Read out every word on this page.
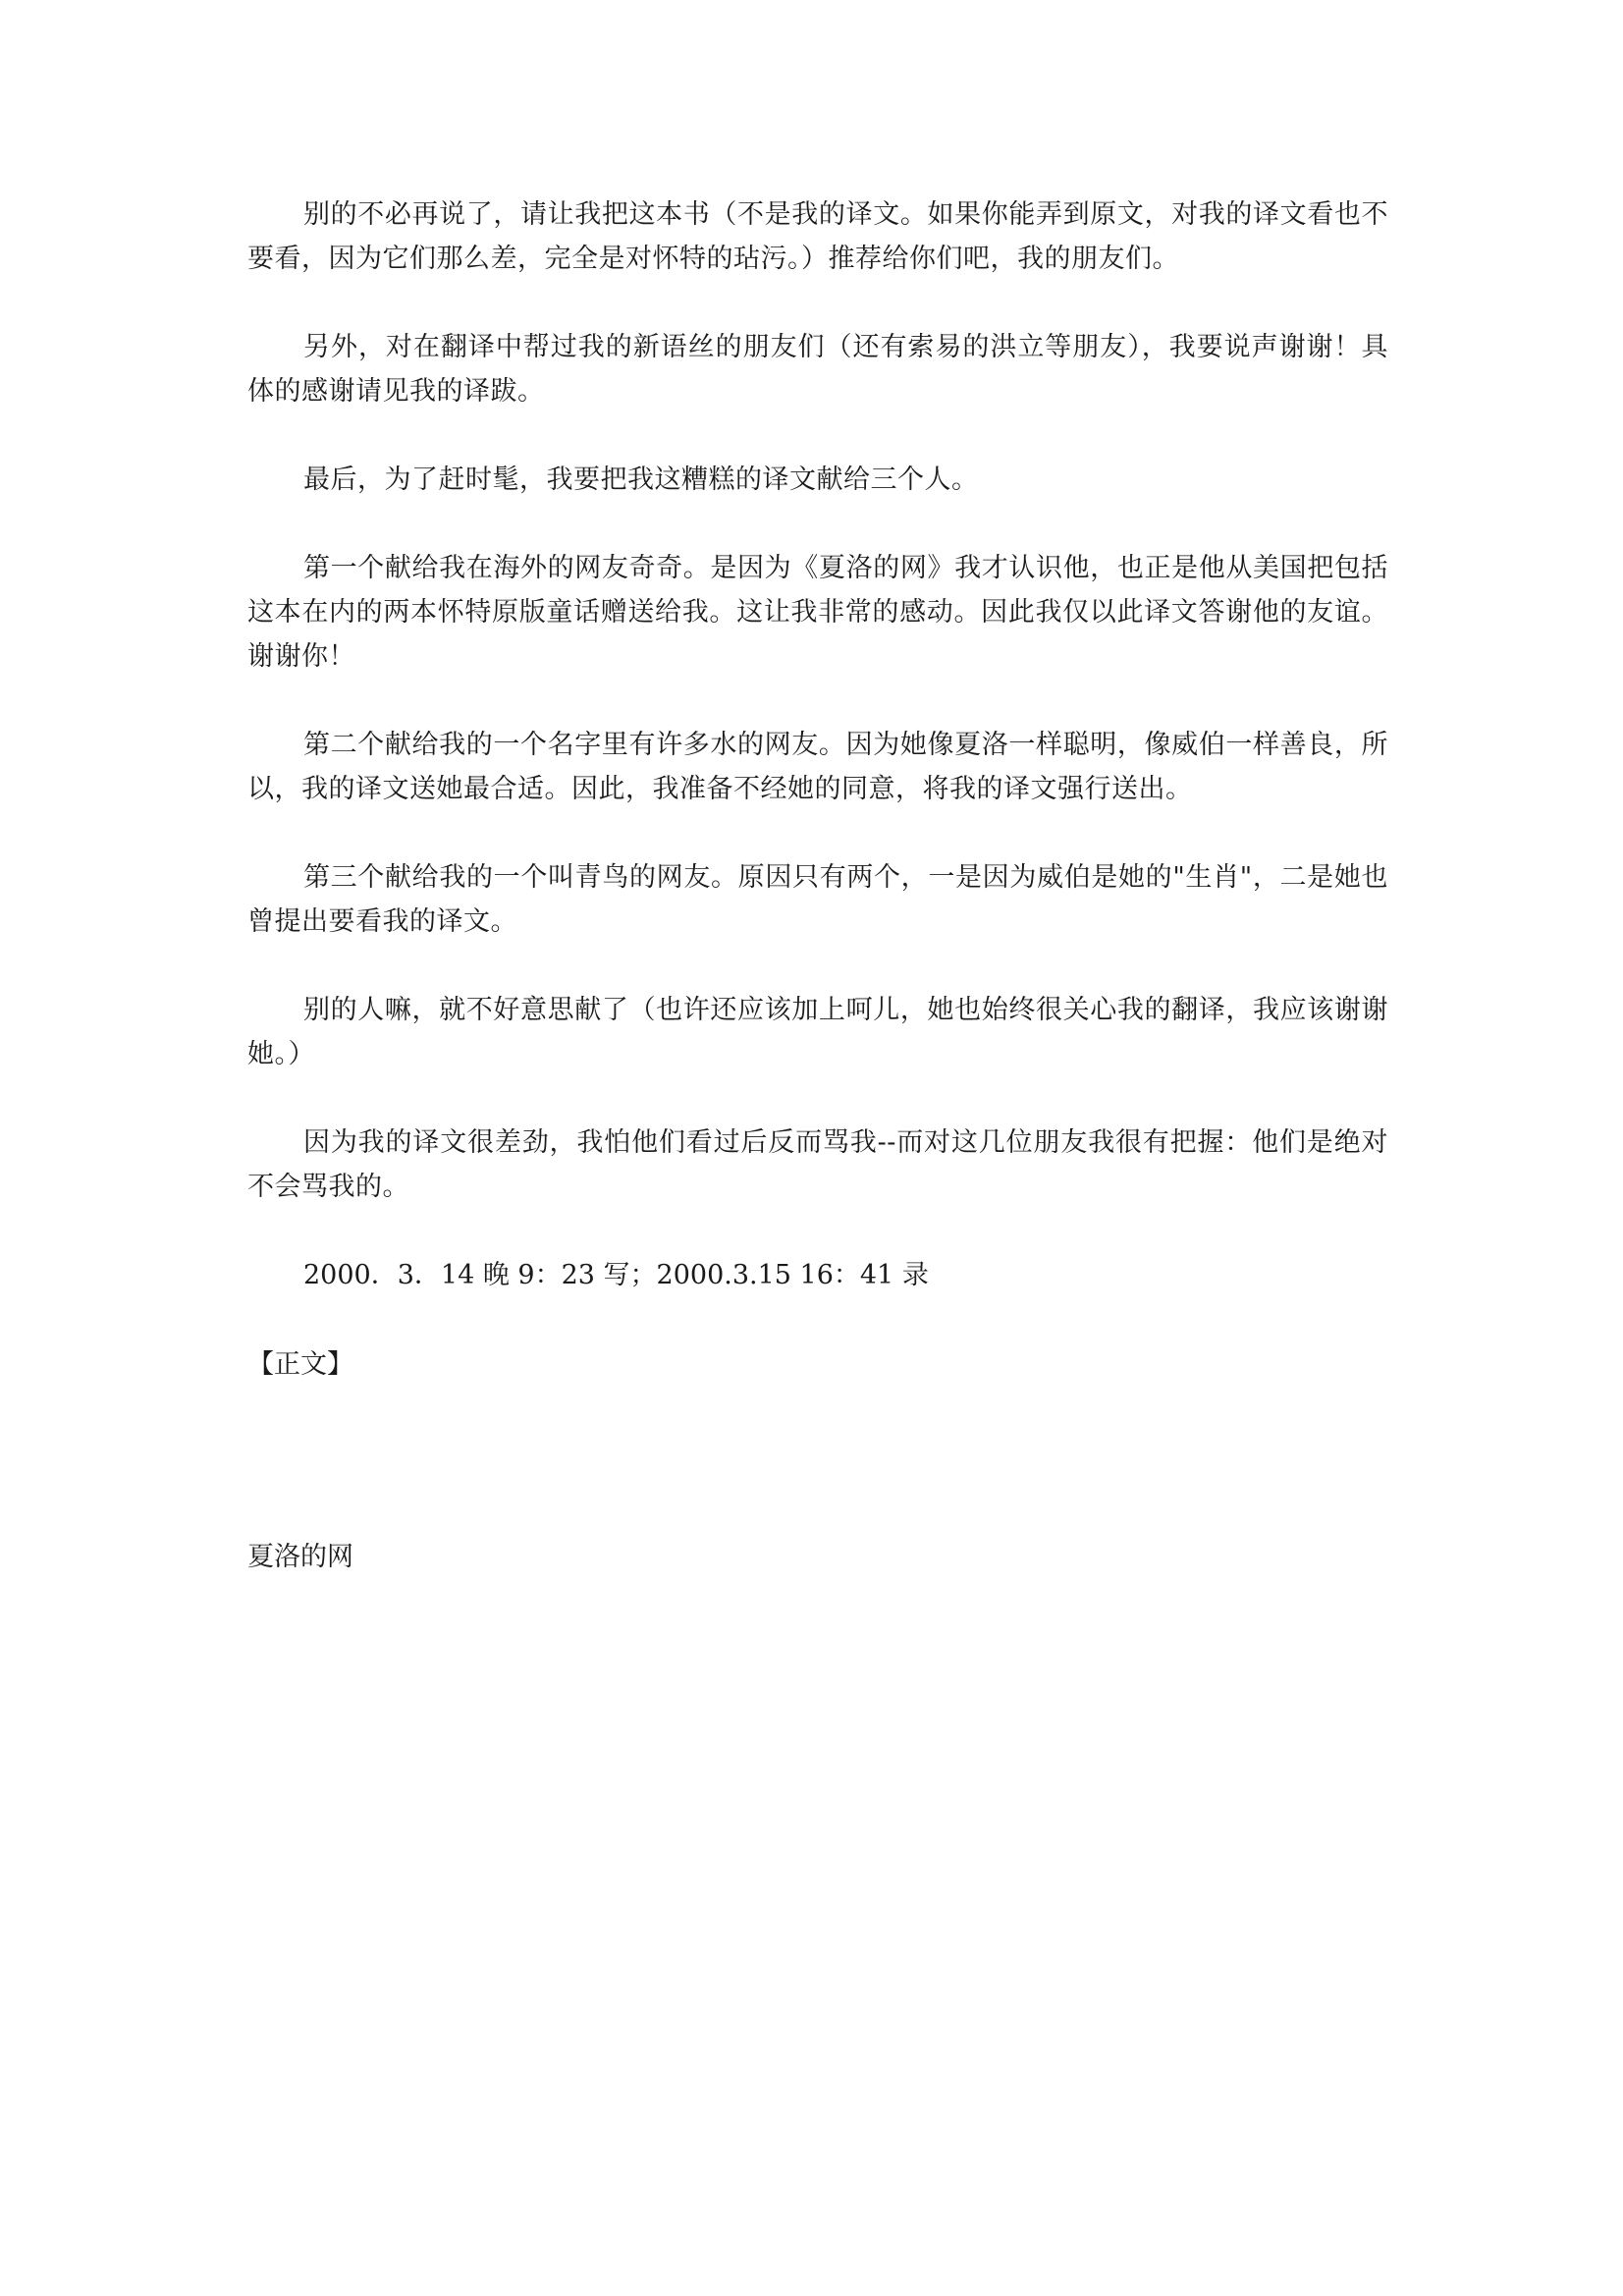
别的不必再说了，请让我把这本书（不是我的译文。如果你能弄到原文，对我的译文看也不要看，因为它们那么差，完全是对怀特的玷污。）推荐给你们吧，我的朋友们。

另外，对在翻译中帮过我的新语丝的朋友们（还有索易的洪立等朋友），我要说声谢谢！具体的感谢请见我的译跋。

最后，为了赶时髦，我要把我这糟糕的译文献给三个人。

第一个献给我在海外的网友奇奇。是因为《夏洛的网》我才认识他，也正是他从美国把包括这本在内的两本怀特原版童话赠送给我。这让我非常的感动。因此我仅以此译文答谢他的友谊。谢谢你！

第二个献给我的一个名字里有许多水的网友。因为她像夏洛一样聪明，像威伯一样善良，所以，我的译文送她最合适。因此，我准备不经她的同意，将我的译文强行送出。

第三个献给我的一个叫青鸟的网友。原因只有两个，一是因为威伯是她的"生肖"，二是她也曾提出要看我的译文。

别的人嘛，就不好意思献了（也许还应该加上呵儿，她也始终很关心我的翻译，我应该谢谢她。）

因为我的译文很差劲，我怕他们看过后反而骂我--而对这几位朋友我很有把握：他们是绝对不会骂我的。

2000．3．14 晚 9：23 写；2000.3.15 16：41 录

【正文】

夏洛的网
